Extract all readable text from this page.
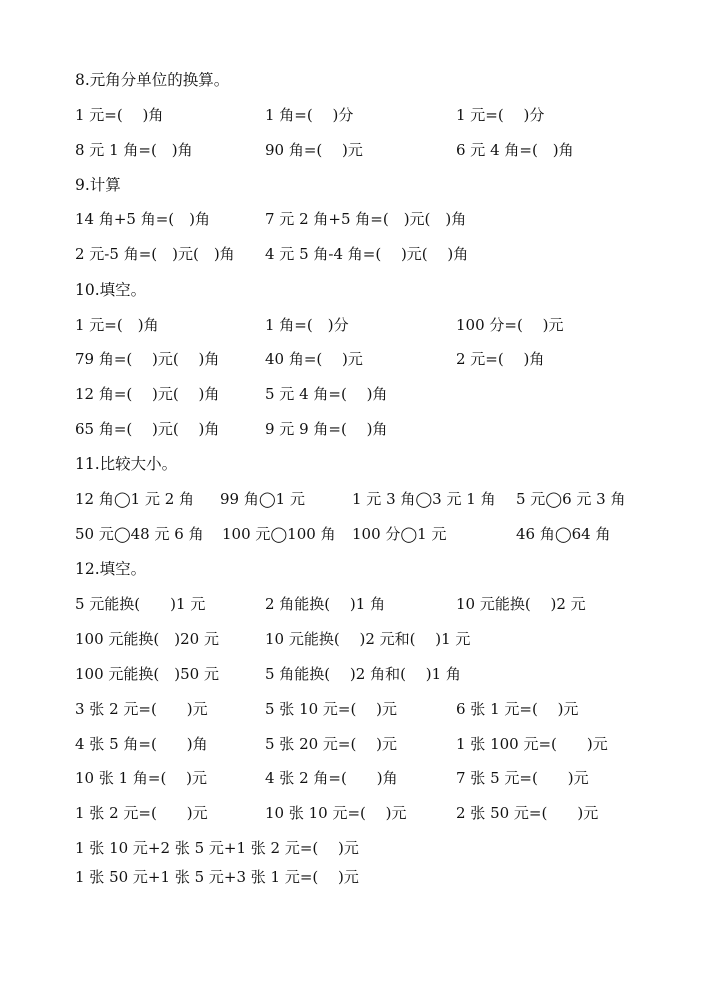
8.元角分单位的换算。
1 元=(　 )角	1 角=(　 )分	1 元=(　 )分
8 元 1 角=(　)角	90 角=(　 )元	6 元 4 角=(　)角
9.计算
14 角+5 角=(　)角	7 元 2 角+5 角=(　)元(　)角
2 元-5 角=(　)元(　)角 4 元 5 角-4 角=(　 )元(　 )角
10.填空。
1 元=(　)角	1 角=(　)分	100 分=(　 )元
79 角=(　 )元(　 )角	40 角=(　 )元	2 元=(　 )角
12 角=(　 )元(　 )角	5 元 4 角=(　 )角
65 角=(　 )元(　 )角	9 元 9 角=(　 )角
11.比较大小。
12 角◯1 元 2 角 99 角◯1 元	1 元 3 角◯3 元 1 角 5 元◯6 元 3 角
50 元◯48 元 6 角 100 元◯100 角 100 分◯1 元	46 角◯64 角
12.填空。
5 元能换(　　)1 元	2 角能换(　 )1 角	10 元能换(　 )2 元
100 元能换(　)20 元	10 元能换(　 )2 元和(　 )1 元
100 元能换(　)50 元	5 角能换(　 )2 角和(　 )1 角
3 张 2 元=(　　)元	5 张 10 元=(　 )元	6 张 1 元=(　 )元
4 张 5 角=(　　)角	5 张 20 元=(　 )元	1 张 100 元=(　　)元
10 张 1 角=(　 )元	4 张 2 角=(　　)角	7 张 5 元=(　　)元
1 张 2 元=(　　)元	10 张 10 元=(　 )元	2 张 50 元=(　　)元
1 张 10 元+2 张 5 元+1 张 2 元=(　 )元
1 张 50 元+1 张 5 元+3 张 1 元=(　 )元
